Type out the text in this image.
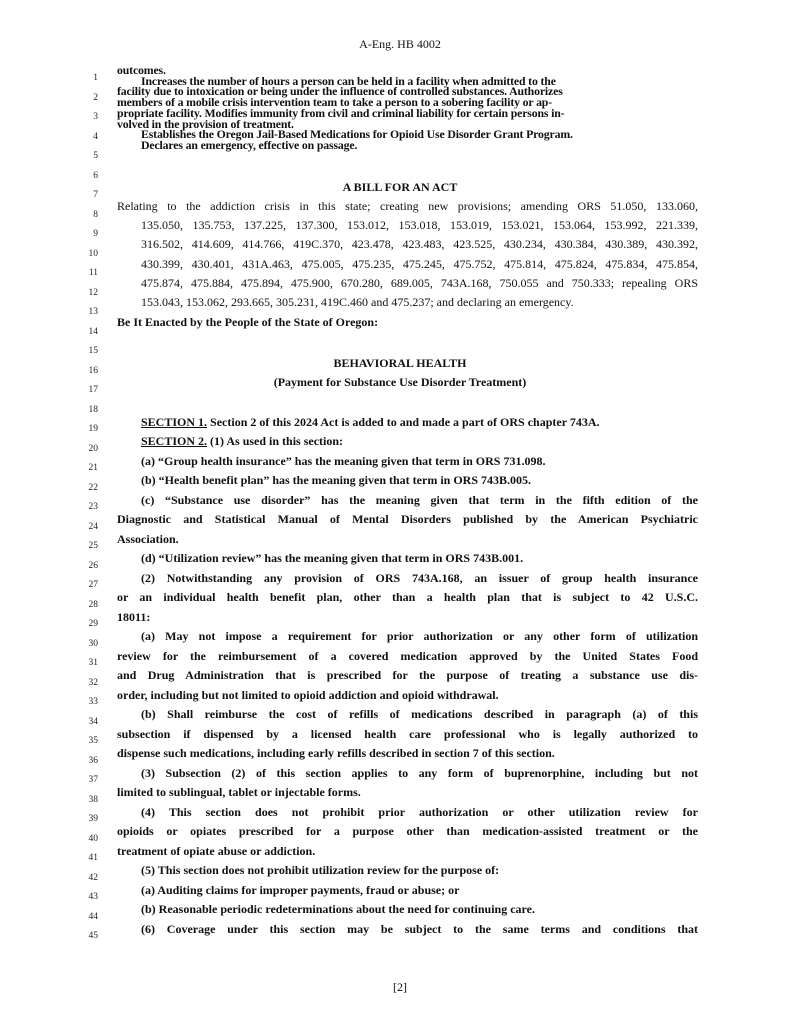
A-Eng. HB 4002
1
2
3
4
5
6
7
8
9
10
11
12
13
14
15
16
17
18
19
20
21
22
23
24
25
26
27
28
29
30
31
32
33
34
35
36
37
38
39
40
41
42
43
44
45
outcomes.
Increases the number of hours a person can be held in a facility when admitted to the
facility due to intoxication or being under the influence of controlled substances. Authorizes
members of a mobile crisis intervention team to take a person to a sobering facility or ap-
propriate facility. Modifies immunity from civil and criminal liability for certain persons in-
volved in the provision of treatment.
Establishes the Oregon Jail-Based Medications for Opioid Use Disorder Grant Program.
Declares an emergency, effective on passage.
A BILL FOR AN ACT
Relating to the addiction crisis in this state; creating new provisions; amending ORS 51.050, 133.060,
135.050, 135.753, 137.225, 137.300, 153.012, 153.018, 153.019, 153.021, 153.064, 153.992, 221.339,
316.502, 414.609, 414.766, 419C.370, 423.478, 423.483, 423.525, 430.234, 430.384, 430.389, 430.392,
430.399, 430.401, 431A.463, 475.005, 475.235, 475.245, 475.752, 475.814, 475.824, 475.834, 475.854,
475.874, 475.884, 475.894, 475.900, 670.280, 689.005, 743A.168, 750.055 and 750.333; repealing ORS
153.043, 153.062, 293.665, 305.231, 419C.460 and 475.237; and declaring an emergency.
Be It Enacted by the People of the State of Oregon:
BEHAVIORAL HEALTH
(Payment for Substance Use Disorder Treatment)
SECTION 1. Section 2 of this 2024 Act is added to and made a part of ORS chapter 743A.
SECTION 2. (1) As used in this section:
(a) “Group health insurance” has the meaning given that term in ORS 731.098.
(b) “Health benefit plan” has the meaning given that term in ORS 743B.005.
(c) “Substance use disorder” has the meaning given that term in the fifth edition of the
Diagnostic and Statistical Manual of Mental Disorders published by the American Psychiatric
Association.
(d) “Utilization review” has the meaning given that term in ORS 743B.001.
(2) Notwithstanding any provision of ORS 743A.168, an issuer of group health insurance
or an individual health benefit plan, other than a health plan that is subject to 42 U.S.C.
18011:
(a) May not impose a requirement for prior authorization or any other form of utilization
review for the reimbursement of a covered medication approved by the United States Food
and Drug Administration that is prescribed for the purpose of treating a substance use dis-
order, including but not limited to opioid addiction and opioid withdrawal.
(b) Shall reimburse the cost of refills of medications described in paragraph (a) of this
subsection if dispensed by a licensed health care professional who is legally authorized to
dispense such medications, including early refills described in section 7 of this section.
(3) Subsection (2) of this section applies to any form of buprenorphine, including but not
limited to sublingual, tablet or injectable forms.
(4) This section does not prohibit prior authorization or other utilization review for
opioids or opiates prescribed for a purpose other than medication-assisted treatment or the
treatment of opiate abuse or addiction.
(5) This section does not prohibit utilization review for the purpose of:
(a) Auditing claims for improper payments, fraud or abuse; or
(b) Reasonable periodic redeterminations about the need for continuing care.
(6) Coverage under this section may be subject to the same terms and conditions that
[2]
